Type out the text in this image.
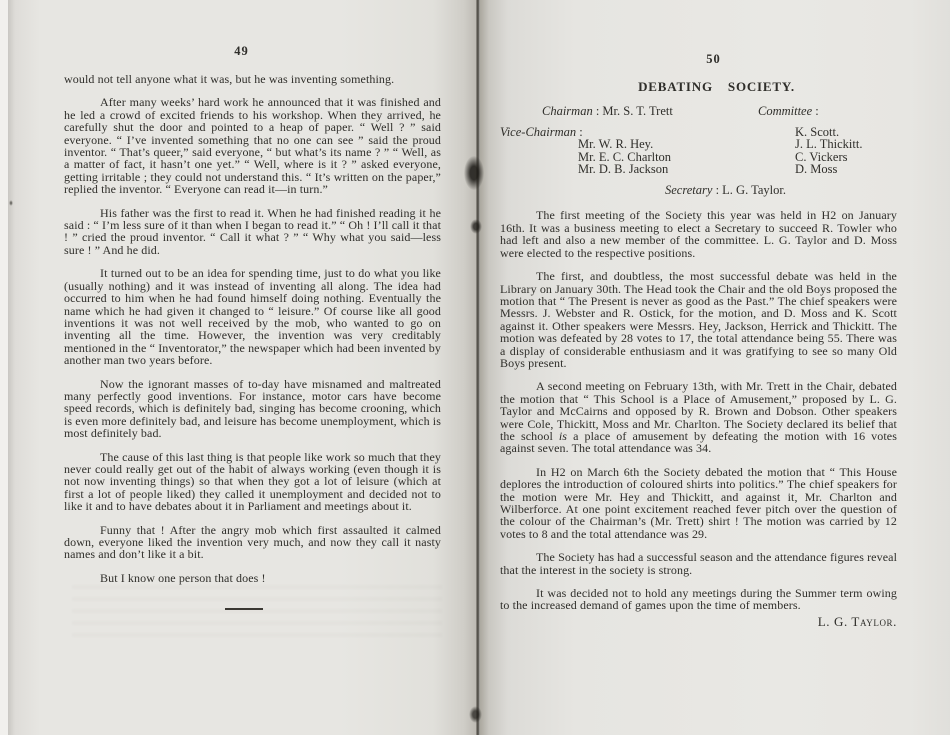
49

would not tell anyone what it was, but he was inventing something.

After many weeks’ hard work he announced that it was finished and he led a crowd of excited friends to his workshop. When they arrived, he carefully shut the door and pointed to a heap of paper. “ Well ? ” said everyone. “ I’ve invented something that no one can see ” said the proud inventor. “ That’s queer,” said everyone, “ but what’s its name ? ” “ Well, as a matter of fact, it hasn’t one yet.” “ Well, where is it ? ” asked everyone, getting irritable ; they could not understand this. “ It’s written on the paper,” replied the inventor. “ Everyone can read it—in turn.”

His father was the first to read it. When he had finished reading it he said : “ I’m less sure of it than when I began to read it.” “ Oh ! I’ll call it that ! ” cried the proud inventor. “ Call it what ? ” “ Why what you said—less sure ! ” And he did.

It turned out to be an idea for spending time, just to do what you like (usually nothing) and it was instead of inventing all along. The idea had occurred to him when he had found himself doing nothing. Eventually the name which he had given it changed to “ leisure.” Of course like all good inventions it was not well received by the mob, who wanted to go on inventing all the time. However, the invention was very creditably mentioned in the “ Inventorator,” the newspaper which had been invented by another man two years before.

Now the ignorant masses of to-day have misnamed and maltreated many perfectly good inventions. For instance, motor cars have become speed records, which is definitely bad, singing has become crooning, which is even more definitely bad, and leisure has become unemployment, which is most definitely bad.

The cause of this last thing is that people like work so much that they never could really get out of the habit of always working (even though it is not now inventing things) so that when they got a lot of leisure (which at first a lot of people liked) they called it unemployment and decided not to like it and to have debates about it in Parliament and meetings about it.

Funny that ! After the angry mob which first assaulted it calmed down, everyone liked the invention very much, and now they call it nasty names and don’t like it a bit.

But I know one person that does !

50
DEBATING SOCIETY.
Chairman : Mr. S. T. Trett	Committee :
Vice-Chairman :	K. Scott.
Mr. W. R. Hey.	J. L. Thickitt.
Mr. E. C. Charlton	C. Vickers
Mr. D. B. Jackson	D. Moss
Secretary : L. G. Taylor.

The first meeting of the Society this year was held in H2 on January 16th. It was a business meeting to elect a Secretary to succeed R. Towler who had left and also a new member of the committee. L. G. Taylor and D. Moss were elected to the respective positions.

The first, and doubtless, the most successful debate was held in the Library on January 30th. The Head took the Chair and the old Boys proposed the motion that “ The Present is never as good as the Past.” The chief speakers were Messrs. J. Webster and R. Ostick, for the motion, and D. Moss and K. Scott against it. Other speakers were Messrs. Hey, Jackson, Herrick and Thickitt. The motion was defeated by 28 votes to 17, the total attendance being 55. There was a display of considerable enthusiasm and it was gratifying to see so many Old Boys present.

A second meeting on February 13th, with Mr. Trett in the Chair, debated the motion that “ This School is a Place of Amusement,” proposed by L. G. Taylor and McCairns and opposed by R. Brown and Dobson. Other speakers were Cole, Thickitt, Moss and Mr. Charlton. The Society declared its belief that the school is a place of amusement by defeating the motion with 16 votes against seven. The total attendance was 34.

In H2 on March 6th the Society debated the motion that “ This House deplores the introduction of coloured shirts into politics.” The chief speakers for the motion were Mr. Hey and Thickitt, and against it, Mr. Charlton and Wilberforce. At one point excitement reached fever pitch over the question of the colour of the Chairman’s (Mr. Trett) shirt ! The motion was carried by 12 votes to 8 and the total attendance was 29.

The Society has had a successful season and the attendance figures reveal that the interest in the society is strong.

It was decided not to hold any meetings during the Summer term owing to the increased demand of games upon the time of members.

L. G. Taylor.
